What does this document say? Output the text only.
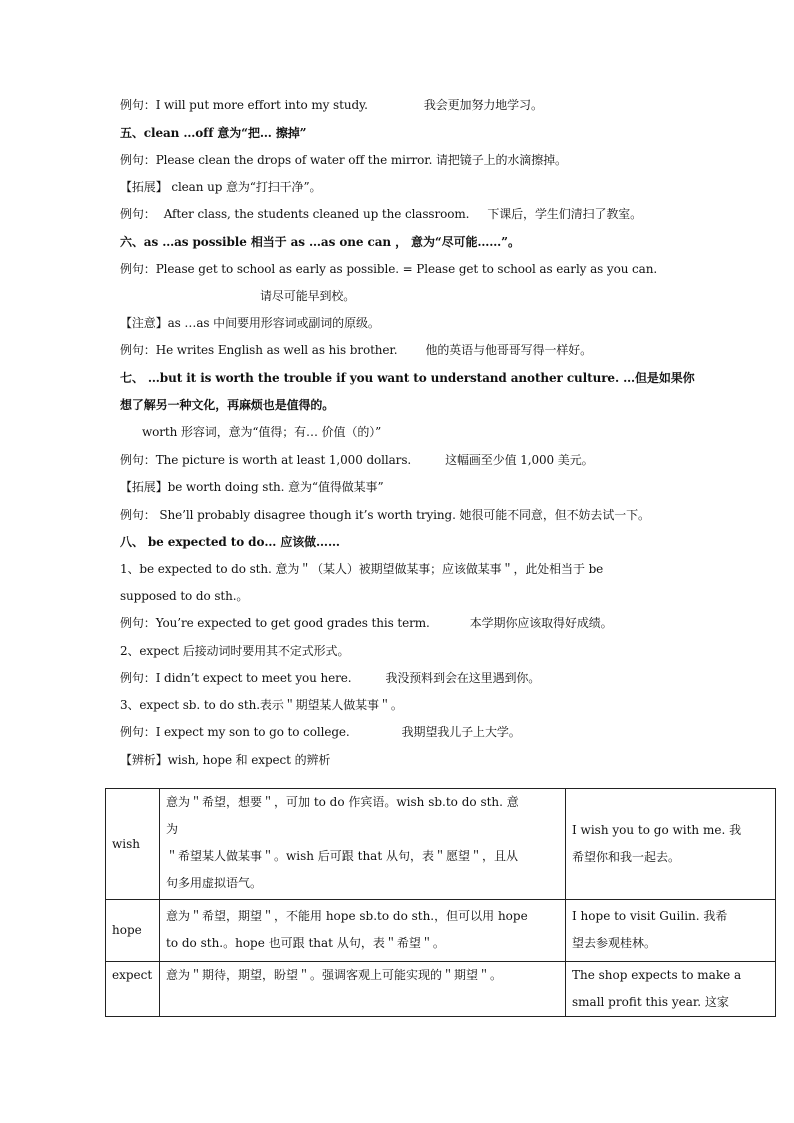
例句：I will put more effort into my study.	我会更加努力地学习。
五、clean …off 意为“把… 擦掉”
例句：Please clean the drops of water off the mirror. 请把镜子上的水滴擦掉。
【拓展】 clean up 意为“打扫干净”。
例句： After class, the students cleaned up the classroom. 下课后，学生们清扫了教室。
六、as …as possible 相当于 as …as one can ， 意为“尽可能……”。
例句：Please get to school as early as possible. = Please get to school as early as you can.
请尽可能早到校。
【注意】as …as 中间要用形容词或副词的原级。
例句：He writes English as well as his brother. 他的英语与他哥哥写得一样好。
七、 …but it is worth the trouble if you want to understand another culture. …但是如果你
想了解另一种文化，再麻烦也是值得的。
worth 形容词，意为“值得；有… 价值（的）”
例句：The picture is worth at least 1,000 dollars.	这幅画至少值 1,000 美元。
【拓展】be worth doing sth. 意为“值得做某事”
例句： She’ll probably disagree though it’s worth trying. 她很可能不同意，但不妨去试一下。
八、 be expected to do… 应该做……
1、be expected to do sth. 意为＂（某人）被期望做某事；应该做某事＂，此处相当于 be
supposed to do sth.。
例句：You’re expected to get good grades this term.	本学期你应该取得好成绩。
2、expect 后接动词时要用其不定式形式。
例句：I didn’t expect to meet you here.	我没预料到会在这里遇到你。
3、expect sb. to do sth.表示＂期望某人做某事＂。
例句：I expect my son to go to college.	我期望我儿子上大学。
【辨析】wish, hope 和 expect 的辨析
wish	意为＂希望，想要＂，可加 to do 作宾语。wish sb.to do sth. 意
为
＂希望某人做某事＂。wish 后可跟 that 从句，表＂愿望＂，且从
句多用虚拟语气。	I wish you to go with me. 我
希望你和我一起去。

hope	意为＂希望，期望＂，不能用 hope sb.to do sth.，但可以用 hope
to do sth.。hope 也可跟 that 从句，表＂希望＂。	I hope to visit Guilin. 我希
望去参观桂林。

expect	意为＂期待，期望，盼望＂。强调客观上可能实现的＂期望＂。	The shop expects to make a
small profit this year. 这家
